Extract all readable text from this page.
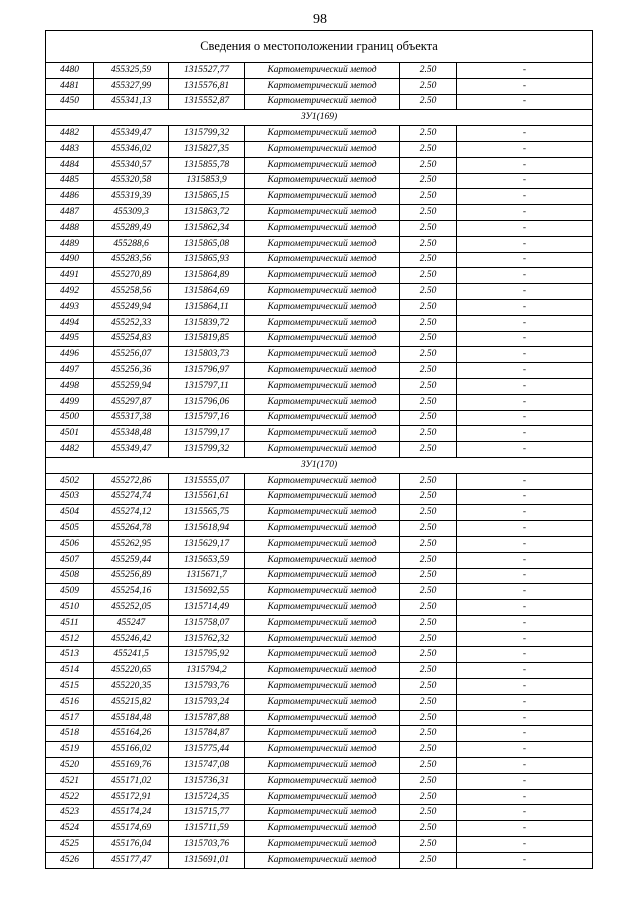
98
Сведения о местоположении границ объекта					
4480	455325,59	1315527,77	Картометрический метод	2.50	-
4481	455327,99	1315576,81	Картометрический метод	2.50	-
4450	455341,13	1315552,87	Картометрический метод	2.50	-
ЗУ1(169)					
4482	455349,47	1315799,32	Картометрический метод	2.50	-
4483	455346,02	1315827,35	Картометрический метод	2.50	-
4484	455340,57	1315855,78	Картометрический метод	2.50	-
4485	455320,58	1315853,9	Картометрический метод	2.50	-
4486	455319,39	1315865,15	Картометрический метод	2.50	-
4487	455309,3	1315863,72	Картометрический метод	2.50	-
4488	455289,49	1315862,34	Картометрический метод	2.50	-
4489	455288,6	1315865,08	Картометрический метод	2.50	-
4490	455283,56	1315865,93	Картометрический метод	2.50	-
4491	455270,89	1315864,89	Картометрический метод	2.50	-
4492	455258,56	1315864,69	Картометрический метод	2.50	-
4493	455249,94	1315864,11	Картометрический метод	2.50	-
4494	455252,33	1315839,72	Картометрический метод	2.50	-
4495	455254,83	1315819,85	Картометрический метод	2.50	-
4496	455256,07	1315803,73	Картометрический метод	2.50	-
4497	455256,36	1315796,97	Картометрический метод	2.50	-
4498	455259,94	1315797,11	Картометрический метод	2.50	-
4499	455297,87	1315796,06	Картометрический метод	2.50	-
4500	455317,38	1315797,16	Картометрический метод	2.50	-
4501	455348,48	1315799,17	Картометрический метод	2.50	-
4482	455349,47	1315799,32	Картометрический метод	2.50	-
ЗУ1(170)					
4502	455272,86	1315555,07	Картометрический метод	2.50	-
4503	455274,74	1315561,61	Картометрический метод	2.50	-
4504	455274,12	1315565,75	Картометрический метод	2.50	-
4505	455264,78	1315618,94	Картометрический метод	2.50	-
4506	455262,95	1315629,17	Картометрический метод	2.50	-
4507	455259,44	1315653,59	Картометрический метод	2.50	-
4508	455256,89	1315671,7	Картометрический метод	2.50	-
4509	455254,16	1315692,55	Картометрический метод	2.50	-
4510	455252,05	1315714,49	Картометрический метод	2.50	-
4511	455247	1315758,07	Картометрический метод	2.50	-
4512	455246,42	1315762,32	Картометрический метод	2.50	-
4513	455241,5	1315795,92	Картометрический метод	2.50	-
4514	455220,65	1315794,2	Картометрический метод	2.50	-
4515	455220,35	1315793,76	Картометрический метод	2.50	-
4516	455215,82	1315793,24	Картометрический метод	2.50	-
4517	455184,48	1315787,88	Картометрический метод	2.50	-
4518	455164,26	1315784,87	Картометрический метод	2.50	-
4519	455166,02	1315775,44	Картометрический метод	2.50	-
4520	455169,76	1315747,08	Картометрический метод	2.50	-
4521	455171,02	1315736,31	Картометрический метод	2.50	-
4522	455172,91	1315724,35	Картометрический метод	2.50	-
4523	455174,24	1315715,77	Картометрический метод	2.50	-
4524	455174,69	1315711,59	Картометрический метод	2.50	-
4525	455176,04	1315703,76	Картометрический метод	2.50	-
4526	455177,47	1315691,01	Картометрический метод	2.50	-
